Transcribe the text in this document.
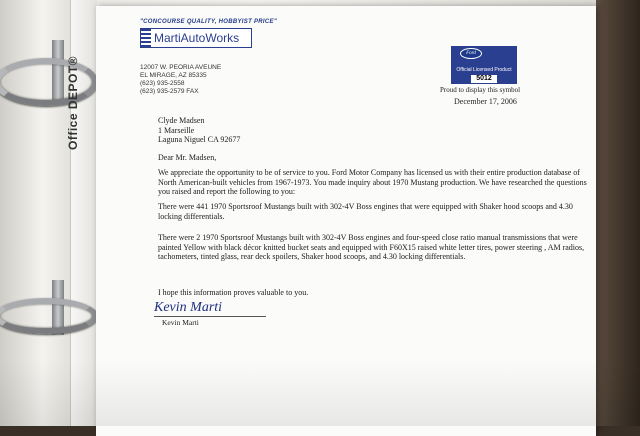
Office DEPOT®
"CONCOURSE QUALITY, HOBBYIST PRICE"
MartiAutoWorks
12007 W. PEORIA AVEUNE
EL MIRAGE, AZ 85335
(623) 935-2558
(623) 935-2579 FAX
Official Licensed Product
5012
Ford
Proud to display this symbol
December 17, 2006
Clyde Madsen
1 Marseille
Laguna Niguel CA 92677
Dear Mr. Madsen,
We appreciate the opportunity to be of service to you. Ford Motor Company has licensed us with their entire production database of North American-built vehicles from 1967-1973. You made inquiry about 1970 Mustang production. We have researched the questions you raised and report the following to you:
There were 441 1970 Sportsroof Mustangs built with 302-4V Boss engines that were equipped with Shaker hood scoops and 4.30 locking differentials.
There were 2 1970 Sportsroof Mustangs built with 302-4V Boss engines and four-speed close ratio manual transmissions that were painted Yellow with black décor knitted bucket seats and equipped with F60X15 raised white letter tires, power steering , AM radios, tachometers, tinted glass, rear deck spoilers, Shaker hood scoops, and 4.30 locking differentials.
I hope this information proves valuable to you.
Kevin Marti
Kevin Marti
